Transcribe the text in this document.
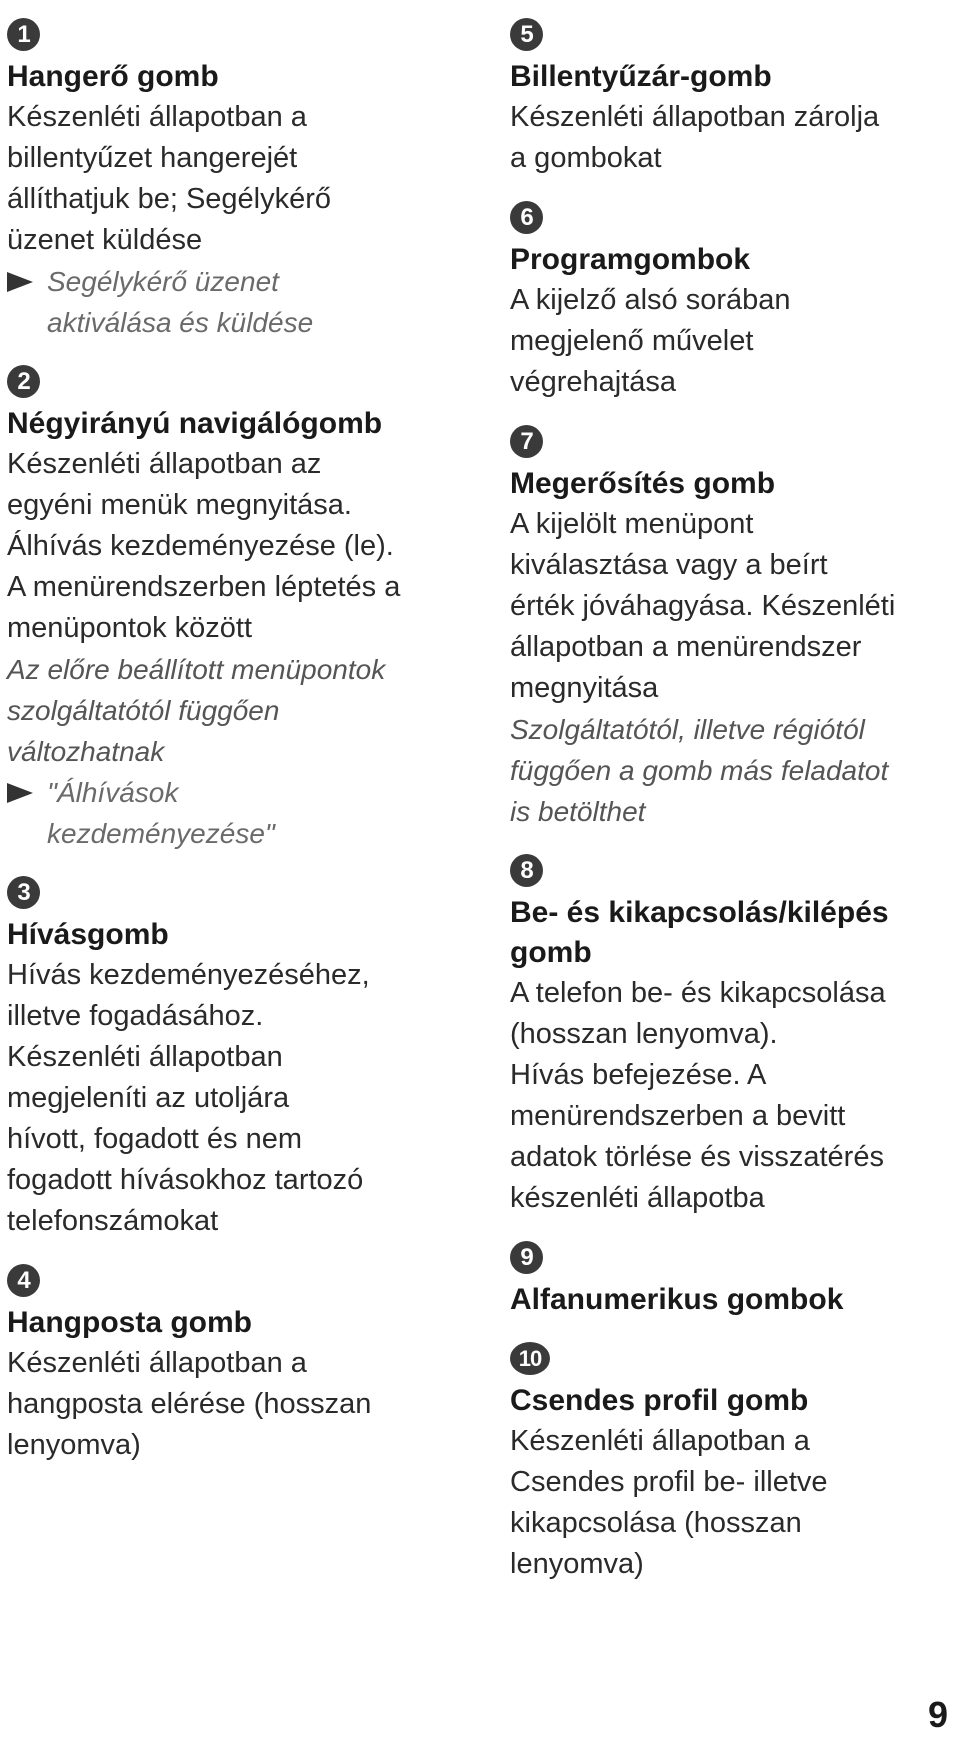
1
Hangerő gomb
Készenléti állapotban a
billentyűzet hangerejét
állíthatjuk be; Segélykérő
üzenet küldése
Segélykérő üzenet
aktiválása és küldése
2
Négyirányú navigálógomb
Készenléti állapotban az
egyéni menük megnyitása.
Álhívás kezdeményezése (le).
A menürendszerben léptetés a
menüpontok között
Az előre beállított menüpontok
szolgáltatótól függően
változhatnak
"Álhívások
kezdeményezése"
3
Hívásgomb
Hívás kezdeményezéséhez,
illetve fogadásához.
Készenléti állapotban
megjeleníti az utoljára
hívott, fogadott és nem
fogadott hívásokhoz tartozó
telefonszámokat
4
Hangposta gomb
Készenléti állapotban a
hangposta elérése (hosszan
lenyomva)
5
Billentyűzár-gomb
Készenléti állapotban zárolja
a gombokat
6
Programgombok
A kijelző alsó sorában
megjelenő művelet
végrehajtása
7
Megerősítés gomb
A kijelölt menüpont
kiválasztása vagy a beírt
érték jóváhagyása. Készenléti
állapotban a menürendszer
megnyitása
Szolgáltatótól, illetve régiótól
függően a gomb más feladatot
is betölthet
8
Be- és kikapcsolás/kilépés
gomb
A telefon be- és kikapcsolása
(hosszan lenyomva).
Hívás befejezése. A
menürendszerben a bevitt
adatok törlése és visszatérés
készenléti állapotba
9
Alfanumerikus gombok
10
Csendes profil gomb
Készenléti állapotban a
Csendes profil be- illetve
kikapcsolása (hosszan
lenyomva)
9
